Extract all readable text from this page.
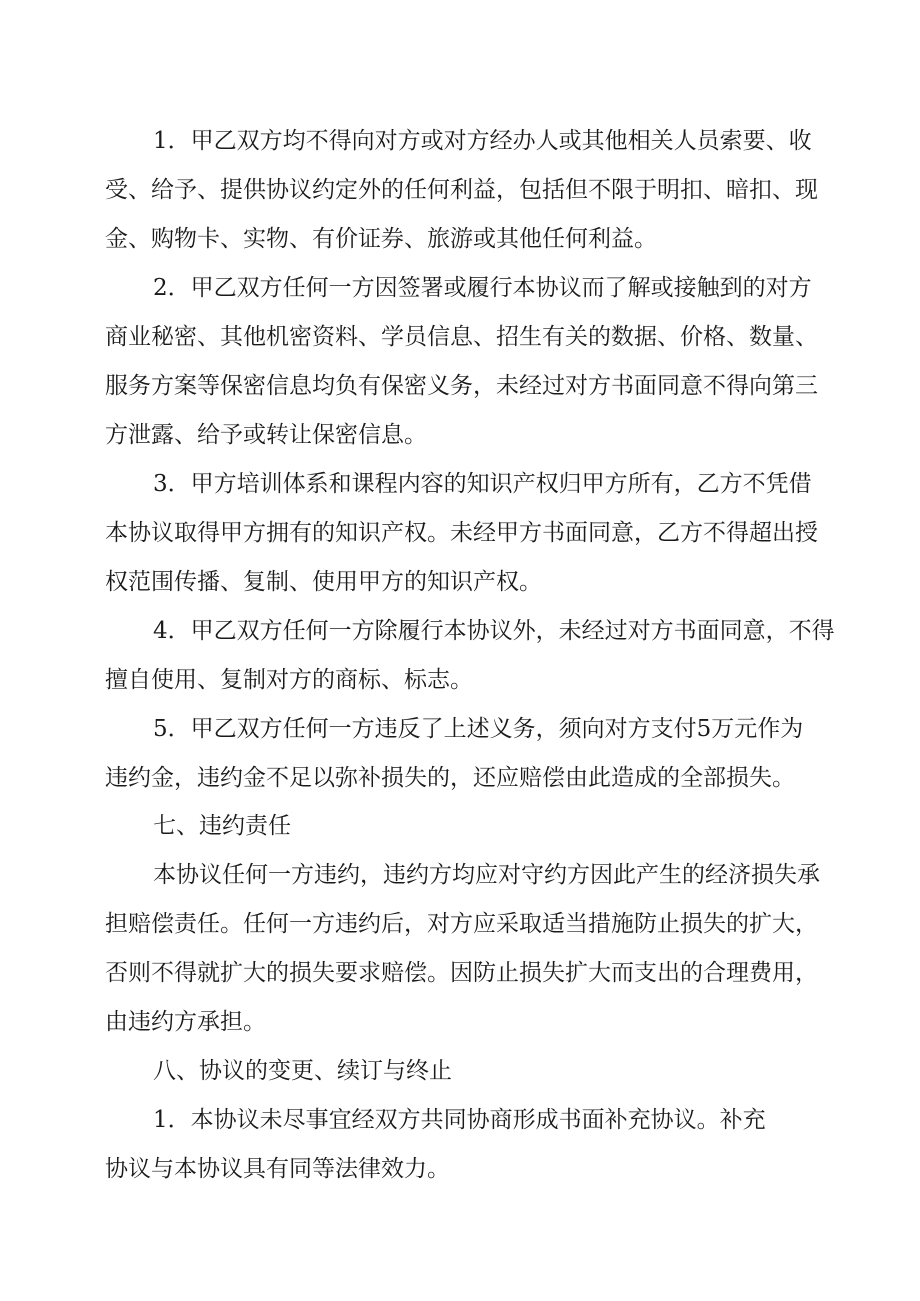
1．甲乙双方均不得向对方或对方经办人或其他相关人员索要、收
受、给予、提供协议约定外的任何利益，包括但不限于明扣、暗扣、现
金、购物卡、实物、有价证券、旅游或其他任何利益。
2．甲乙双方任何一方因签署或履行本协议而了解或接触到的对方
商业秘密、其他机密资料、学员信息、招生有关的数据、价格、数量、
服务方案等保密信息均负有保密义务，未经过对方书面同意不得向第三
方泄露、给予或转让保密信息。
3．甲方培训体系和课程内容的知识产权归甲方所有，乙方不凭借
本协议取得甲方拥有的知识产权。未经甲方书面同意，乙方不得超出授
权范围传播、复制、使用甲方的知识产权。
4．甲乙双方任何一方除履行本协议外，未经过对方书面同意，不得
擅自使用、复制对方的商标、标志。
5．甲乙双方任何一方违反了上述义务，须向对方支付5万元作为
违约金，违约金不足以弥补损失的，还应赔偿由此造成的全部损失。
七、违约责任
本协议任何一方违约，违约方均应对守约方因此产生的经济损失承
担赔偿责任。任何一方违约后，对方应采取适当措施防止损失的扩大，
否则不得就扩大的损失要求赔偿。因防止损失扩大而支出的合理费用，
由违约方承担。
八、协议的变更、续订与终止
1．本协议未尽事宜经双方共同协商形成书面补充协议。补充
协议与本协议具有同等法律效力。
